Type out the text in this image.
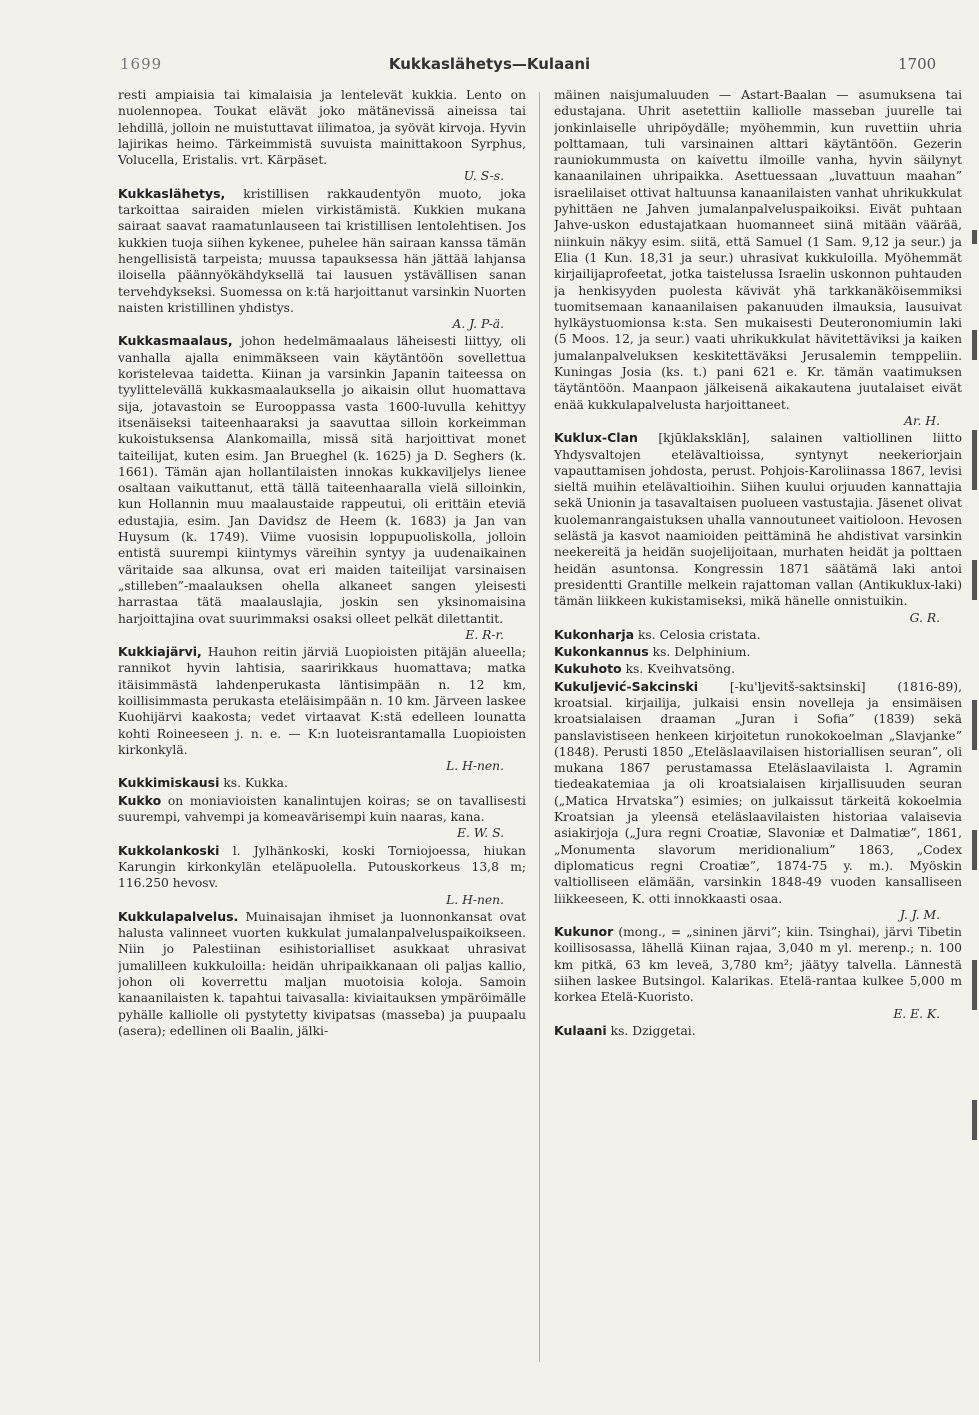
1699	Kukkaslähetys—Kulaani	1700

resti ampiaisia tai kimalaisia ja lentelevät kukkia. Lento on nuolennopea. Toukat elävät joko mätänevissä aineissa tai lehdillä, jolloin ne muistuttavat iilimatoa, ja syövät kirvoja. Hyvin lajirikas heimo. Tärkeimmistä suvuista mainittakoon Syrphus, Volucella, Eristalis. vrt. Kärpäset.
U. S-s.

Kukkaslähetys, kristillisen rakkaudentyön muoto, joka tarkoittaa sairaiden mielen virkistämistä. Kukkien mukana sairaat saavat raamatunlauseen tai kristillisen lentolehtisen. Jos kukkien tuoja siihen kykenee, puhelee hän sairaan kanssa tämän hengellisistä tarpeista; muussa tapauksessa hän jättää lahjansa iloisella päännyökähdyksellä tai lausuen ystävällisen sanan tervehdykseksi. Suomessa on k:tä harjoittanut varsinkin Nuorten naisten kristillinen yhdistys.
A. J. P-ä.

Kukkasmaalaus, johon hedelmämaalaus läheisesti liittyy, oli vanhalla ajalla enimmäkseen vain käytäntöön sovellettua koristelevaa taidetta. Kiinan ja varsinkin Japanin taiteessa on tyylittelevällä kukkasmaalauksella jo aikaisin ollut huomattava sija, jotavastoin se Eurooppassa vasta 1600-luvulla kehittyy itsenäiseksi taiteenhaaraksi ja saavuttaa silloin korkeimman kukoistuksensa Alankomailla, missä sitä harjoittivat monet taiteilijat, kuten esim. Jan Brueghel (k. 1625) ja D. Seghers (k. 1661). Tämän ajan hollantilaisten innokas kukkaviljelys lienee osaltaan vaikuttanut, että tällä taiteenhaaralla vielä silloinkin, kun Hollannin muu maalaustaide rappeutui, oli erittäin eteviä edustajia, esim. Jan Davidsz de Heem (k. 1683) ja Jan van Huysum (k. 1749). Viime vuosisin loppupuoliskolla, jolloin entistä suurempi kiintymys väreihin syntyy ja uudenaikainen väritaide saa alkunsa, ovat eri maiden taiteilijat varsinaisen „stilleben”-maalauksen ohella alkaneet sangen yleisesti harrastaa tätä maalauslajia, joskin sen yksinomaisina harjoittajina ovat suurimmaksi osaksi olleet pelkät dilettantit.
E. R-r.

Kukkiajärvi, Hauhon reitin järviä Luopioisten pitäjän alueella; rannikot hyvin lahtisia, saaririkkaus huomattava; matka itäisimmästä lahdenperukasta läntisimpään n. 12 km, koillisimmasta perukasta eteläisimpään n. 10 km. Järveen laskee Kuohijärvi kaakosta; vedet virtaavat K:stä edelleen lounatta kohti Roineeseen j. n. e. — K:n luoteisrantamalla Luopioisten kirkonkylä.
L. H-nen.

Kukkimiskausi ks. Kukka.

Kukko on moniavioisten kanalintujen koiras; se on tavallisesti suurempi, vahvempi ja komeavärisempi kuin naaras, kana.
E. W. S.

Kukkolankoski l. Jylhänkoski, koski Torniojoessa, hiukan Karungin kirkonkylän eteläpuolella. Putouskorkeus 13,8 m; 116.250 hevosv.
L. H-nen.

Kukkulapalvelus. Muinaisajan ihmiset ja luonnonkansat ovat halusta valinneet vuorten kukkulat jumalanpalveluspaikoikseen. Niin jo Palestiinan esihistorialliset asukkaat uhrasivat jumalilleen kukkuloilla: heidän uhripaikkanaan oli paljas kallio, johon oli koverrettu maljan muotoisia koloja. Samoin kanaanilaisten k. tapahtui taivasalla: kiviaitauksen ympäröimälle pyhälle kalliolle oli pystytetty kivipatsas (masseba) ja puupaalu (asera); edellinen oli Baalin, jälki-

mäinen naisjumaluuden — Astart-Baalan — asumuksena tai edustajana. Uhrit asetettiin kalliolle masseban juurelle tai jonkinlaiselle uhripöydälle; myöhemmin, kun ruvettiin uhria polttamaan, tuli varsinainen alttari käytäntöön. Gezerin rauniokummusta on kaivettu ilmoille vanha, hyvin säilynyt kanaanilainen uhripaikka. Asettuessaan „luvattuun maahan” israelilaiset ottivat haltuunsa kanaanilaisten vanhat uhrikukkulat pyhittäen ne Jahven jumalanpalveluspaikoiksi. Eivät puhtaan Jahve-uskon edustajatkaan huomanneet siinä mitään väärää, niinkuin näkyy esim. siitä, että Samuel (1 Sam. 9,12 ja seur.) ja Elia (1 Kun. 18,31 ja seur.) uhrasivat kukkuloilla. Myöhemmät kirjailijaprofeetat, jotka taistelussa Israelin uskonnon puhtauden ja henkisyyden puolesta kävivät yhä tarkkanäköisemmiksi tuomitsemaan kanaanilaisen pakanuuden ilmauksia, lausuivat hylkäystuomionsa k:sta. Sen mukaisesti Deuteronomiumin laki (5 Moos. 12, ja seur.) vaati uhrikukkulat hävitettäviksi ja kaiken jumalanpalveluksen keskitettäväksi Jerusalemin temppeliin. Kuningas Josia (ks. t.) pani 621 e. Kr. tämän vaatimuksen täytäntöön. Maanpaon jälkeisenä aikakautena juutalaiset eivät enää kukkulapalvelusta harjoittaneet.
Ar. H.

Kuklux-Clan [kjūklaksklän], salainen valtiollinen liitto Yhdysvaltojen etelävaltioissa, syntynyt neekeriorjain vapauttamisen johdosta, perust. Pohjois-Karoliinassa 1867, levisi sieltä muihin etelävaltioihin. Siihen kuului orjuuden kannattajia sekä Unionin ja tasavaltaisen puolueen vastustajia. Jäsenet olivat kuolemanrangaistuksen uhalla vannoutuneet vaitioloon. Hevosen selästä ja kasvot naamioiden peittäminä he ahdistivat varsinkin neekereitä ja heidän suojelijoitaan, murhaten heidät ja polttaen heidän asuntonsa. Kongressin 1871 säätämä laki antoi presidentti Grantille melkein rajattoman vallan (Antikuklux-laki) tämän liikkeen kukistamiseksi, mikä hänelle onnistuikin.
G. R.

Kukonharja ks. Celosia cristata.

Kukonkannus ks. Delphinium.

Kukuhoto ks. Kveihvatsöng.

Kukuljević-Sakcinski	[-ku'ljevitš-saktsinski] (1816-89), kroatsial. kirjailija, julkaisi ensin novelleja ja ensimäisen kroatsialaisen draaman „Juran i Sofia” (1839) sekä panslavistiseen henkeen kirjoitetun runokokoelman „Slavjanke” (1848). Perusti 1850 „Eteläslaavilaisen historiallisen seuran”, oli mukana 1867 perustamassa Eteläslaavilaista l. Agramin tiedeakatemiaa ja oli kroatsialaisen kirjallisuuden seuran („Matica Hrvatska”) esimies; on julkaissut tärkeitä kokoelmia Kroatsian ja yleensä eteläslaavilaisten historiaa valaisevia asiakirjoja („Jura regni Croatiæ, Slavoniæ et Dalmatiæ”, 1861, „Monumenta slavorum meridionalium” 1863, „Codex diplomaticus regni Croatiæ”, 1874-75 y. m.). Myöskin valtiolliseen elämään, varsinkin 1848-49 vuoden kansalliseen liikkeeseen, K. otti innokkaasti osaa.
J. J. M.

Kukunor (mong., = „sininen järvi”; kiin. Tsinghai), järvi Tibetin koillisosassa, lähellä Kiinan rajaa, 3,040 m yl. merenp.; n. 100 km pitkä, 63 km leveä, 3,780 km²; jäätyy talvella. Lännestä siihen laskee Butsingol. Kalarikas. Etelä-rantaa kulkee 5,000 m korkea Etelä-Kuoristo.
E. E. K.

Kulaani ks. Dziggetai.
